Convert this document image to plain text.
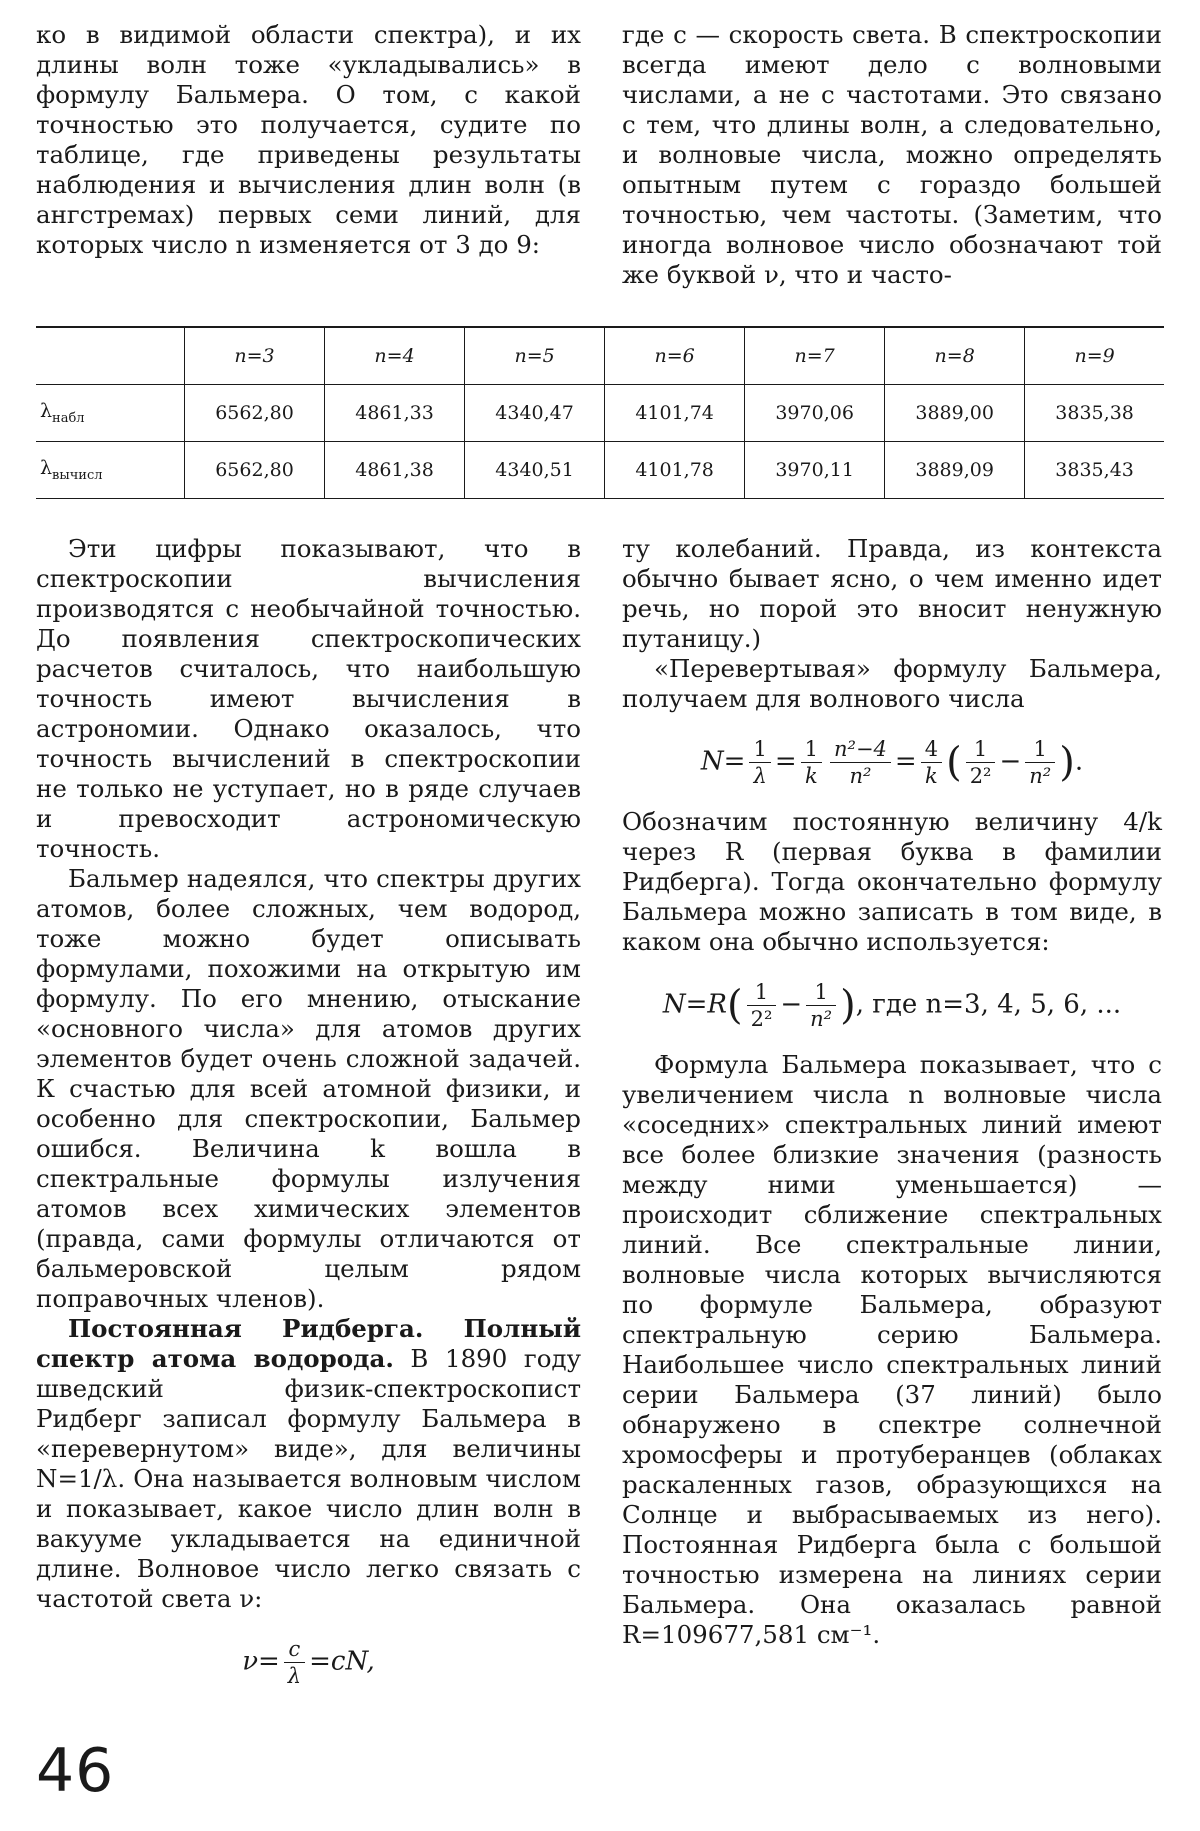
ко в видимой области спектра), и их длины волн тоже «укладывались» в формулу Бальмера. О том, с какой точностью это получается, судите по таблице, где приведены результаты наблюдения и вычисления длин волн (в ангстремах) первых семи линий, для которых число n изменяется от 3 до 9:

где c — скорость света. В спектроскопии всегда имеют дело с волновыми числами, а не с частотами. Это связано с тем, что длины волн, а следовательно, и волновые числа, можно определять опытным путем с гораздо большей точностью, чем частоты. (Заметим, что иногда волновое число обозначают той же буквой ν, что и часто-

	n=3	n=4	n=5	n=6	n=7	n=8	n=9
$\lambda_{набл}$	6562,80	4861,33	4340,47	4101,74	3970,06	3889,00	3835,38
$\lambda_{вычисл}$	6562,80	4861,38	4340,51	4101,78	3970,11	3889,09	3835,43

Эти цифры показывают, что в спектроскопии вычисления производятся с необычайной точностью. До появления спектроскопических расчетов считалось, что наибольшую точность имеют вычисления в астрономии. Однако оказалось, что точность вычислений в спектроскопии не только не уступает, но в ряде случаев и превосходит астрономическую точность.

Бальмер надеялся, что спектры других атомов, более сложных, чем водород, тоже можно будет описывать формулами, похожими на открытую им формулу. По его мнению, отыскание «основного числа» для атомов других элементов будет очень сложной задачей. К счастью для всей атомной физики, и особенно для спектроскопии, Бальмер ошибся. Величина k вошла в спектральные формулы излучения атомов всех химических элементов (правда, сами формулы отличаются от бальмеровской целым рядом поправочных членов).

Постоянная Ридберга. Полный спектр атома водорода. В 1890 году шведский физик-спектроскопист Ридберг записал формулу Бальмера в «перевернутом» виде», для величины N=1/λ. Она называется волновым числом и показывает, какое число длин волн в вакууме укладывается на единичной длине. Волновое число легко связать с частотой света ν:

$\nu= \frac{c}{\lambda} =cN$,

ту колебаний. Правда, из контекста обычно бывает ясно, о чем именно идет речь, но порой это вносит ненужную путаницу.)

«Перевертывая» формулу Бальмера, получаем для волнового числа

$N= \frac{1}{\lambda} = \frac{1}{k} \frac{\text{n²−4}}{\text{n²}} = \frac{4}{k}$ ( $\frac{1}{\text{2²}} - \frac{1}{\text{n²}}$ ).

Обозначим постоянную величину 4/k через R (первая буква в фамилии Ридберга). Тогда окончательно формулу Бальмера можно записать в том виде, в каком она обычно используется:

$N=R( \frac{1}{\text{2²}} - \frac{1}{\text{n²}}$ ), где n=3, 4, 5, 6, ...

Формула Бальмера показывает, что с увеличением числа n волновые числа «соседних» спектральных линий имеют все более близкие значения (разность между ними уменьшается) — происходит сближение спектральных линий. Все спектральные линии, волновые числа которых вычисляются по формуле Бальмера, образуют спектральную серию Бальмера. Наибольшее число спектральных линий серии Бальмера (37 линий) было обнаружено в спектре солнечной хромосферы и протуберанцев (облаках раскаленных газов, образующихся на Солнце и выбрасываемых из него). Постоянная Ридберга была с большой точностью измерена на линиях серии Бальмера. Она оказалась равной R=109677,581 см⁻¹.

46
